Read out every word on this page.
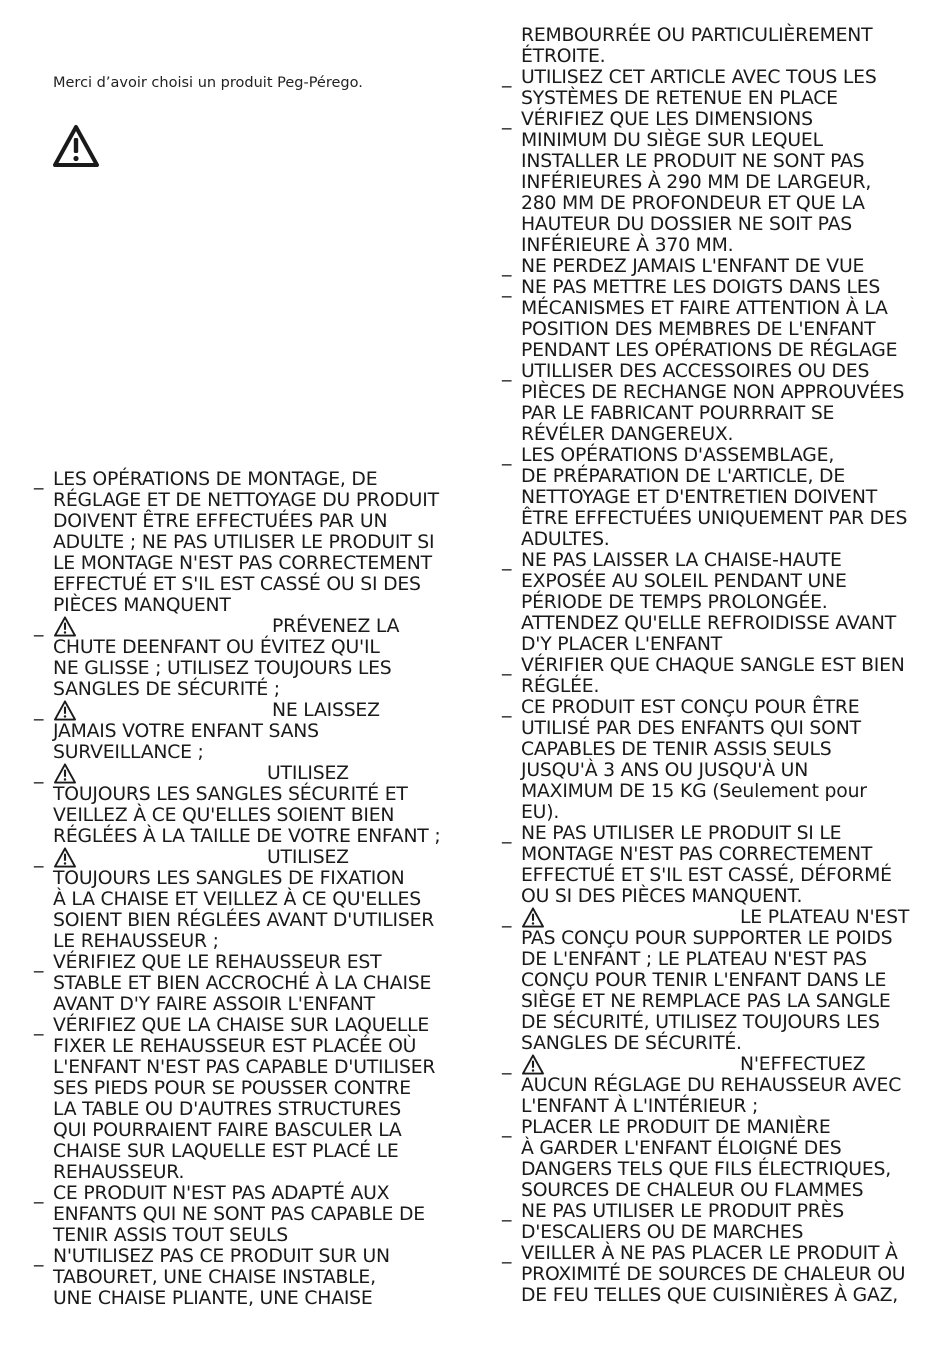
Merci d’avoir choisi un produit Peg-Pérego.
_ LES OPÉRATIONS DE MONTAGE, DE
RÉGLAGE ET DE NETTOYAGE DU PRODUIT
DOIVENT ÊTRE EFFECTUÉES PAR UN
ADULTE ; NE PAS UTILISER LE PRODUIT SI
LE MONTAGE N'EST PAS CORRECTEMENT
EFFECTUÉ ET S'IL EST CASSÉ OU SI DES
PIÈCES MANQUENT
_	PRÉVENEZ LA
CHUTE DEENFANT OU ÉVITEZ QU'IL
NE GLISSE ; UTILISEZ TOUJOURS LES
SANGLES DE SÉCURITÉ ;
_	NE LAISSEZ
JAMAIS VOTRE ENFANT SANS
SURVEILLANCE ;
_	UTILISEZ
TOUJOURS LES SANGLES SÉCURITÉ ET
VEILLEZ À CE QU'ELLES SOIENT BIEN
RÉGLÉES À LA TAILLE DE VOTRE ENFANT ;
_	UTILISEZ
TOUJOURS LES SANGLES DE FIXATION
À LA CHAISE ET VEILLEZ À CE QU'ELLES
SOIENT BIEN RÉGLÉES AVANT D'UTILISER
LE REHAUSSEUR ;
_ VÉRIFIEZ QUE LE REHAUSSEUR EST
STABLE ET BIEN ACCROCHÉ À LA CHAISE
AVANT D'Y FAIRE ASSOIR L'ENFANT
_ VÉRIFIEZ QUE LA CHAISE SUR LAQUELLE
FIXER LE REHAUSSEUR EST PLACÉE OÙ
L'ENFANT N'EST PAS CAPABLE D'UTILISER
SES PIEDS POUR SE POUSSER CONTRE
LA TABLE OU D'AUTRES STRUCTURES
QUI POURRAIENT FAIRE BASCULER LA
CHAISE SUR LAQUELLE EST PLACÉ LE
REHAUSSEUR.
_ CE PRODUIT N'EST PAS ADAPTÉ AUX
ENFANTS QUI NE SONT PAS CAPABLE DE
TENIR ASSIS TOUT SEULS
_ N'UTILISEZ PAS CE PRODUIT SUR UN
TABOURET, UNE CHAISE INSTABLE,
UNE CHAISE PLIANTE, UNE CHAISE
REMBOURRÉE OU PARTICULIÈREMENT
ÉTROITE.
_ UTILISEZ CET ARTICLE AVEC TOUS LES
SYSTÈMES DE RETENUE EN PLACE
_ VÉRIFIEZ QUE LES DIMENSIONS
MINIMUM DU SIÈGE SUR LEQUEL
INSTALLER LE PRODUIT NE SONT PAS
INFÉRIEURES À 290 MM DE LARGEUR,
280 MM DE PROFONDEUR ET QUE LA
HAUTEUR DU DOSSIER NE SOIT PAS
INFÉRIEURE À 370 MM.
_ NE PERDEZ JAMAIS L'ENFANT DE VUE
_ NE PAS METTRE LES DOIGTS DANS LES
MÉCANISMES ET FAIRE ATTENTION À LA
POSITION DES MEMBRES DE L'ENFANT
PENDANT LES OPÉRATIONS DE RÉGLAGE
_ UTILLISER DES ACCESSOIRES OU DES
PIÈCES DE RECHANGE NON APPROUVÉES
PAR LE FABRICANT POURRRAIT SE
RÉVÉLER DANGEREUX.
_ LES OPÉRATIONS D'ASSEMBLAGE,
DE PRÉPARATION DE L'ARTICLE, DE
NETTOYAGE ET D'ENTRETIEN DOIVENT
ÊTRE EFFECTUÉES UNIQUEMENT PAR DES
ADULTES.
_ NE PAS LAISSER LA CHAISE-HAUTE
EXPOSÉE AU SOLEIL PENDANT UNE
PÉRIODE DE TEMPS PROLONGÉE.
ATTENDEZ QU'ELLE REFROIDISSE AVANT
D'Y PLACER L'ENFANT
_ VÉRIFIER QUE CHAQUE SANGLE EST BIEN
RÉGLÉE.
_ CE PRODUIT EST CONÇU POUR ÊTRE
UTILISÉ PAR DES ENFANTS QUI SONT
CAPABLES DE TENIR ASSIS SEULS
JUSQU'À 3 ANS OU JUSQU'À UN
MAXIMUM DE 15 KG (Seulement pour
EU).
_ NE PAS UTILISER LE PRODUIT SI LE
MONTAGE N'EST PAS CORRECTEMENT
EFFECTUÉ ET S'IL EST CASSÉ, DÉFORMÉ
OU SI DES PIÈCES MANQUENT.
_	LE PLATEAU N'EST
PAS CONÇU POUR SUPPORTER LE POIDS
DE L'ENFANT ; LE PLATEAU N'EST PAS
CONÇU POUR TENIR L'ENFANT DANS LE
SIÈGE ET NE REMPLACE PAS LA SANGLE
DE SÉCURITÉ, UTILISEZ TOUJOURS LES
SANGLES DE SÉCURITÉ.
_	N'EFFECTUEZ
AUCUN RÉGLAGE DU REHAUSSEUR AVEC
L'ENFANT À L'INTÉRIEUR ;
_ PLACER LE PRODUIT DE MANIÈRE
À GARDER L'ENFANT ÉLOIGNÉ DES
DANGERS TELS QUE FILS ÉLECTRIQUES,
SOURCES DE CHALEUR OU FLAMMES
_ NE PAS UTILISER LE PRODUIT PRÈS
D'ESCALIERS OU DE MARCHES
_ VEILLER À NE PAS PLACER LE PRODUIT À
PROXIMITÉ DE SOURCES DE CHALEUR OU
DE FEU TELLES QUE CUISINIÈRES À GAZ,
